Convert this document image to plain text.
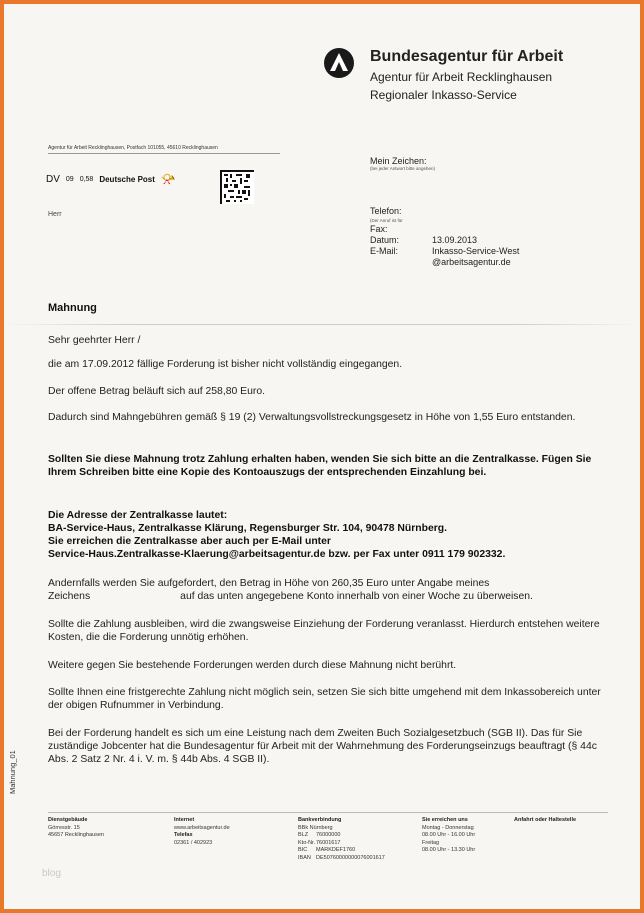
Bundesagentur für Arbeit
Agentur für Arbeit Recklinghausen
Regionaler Inkasso-Service
Agentur für Arbeit Recklinghausen, Postfach 101055, 45610 Recklinghausen
DV 09 0,58 Deutsche Post 📯
Herr
Mein Zeichen:
(bei jeder Antwort bitte angeben)
Telefon:
(Der Anruf ist für
Fax:
Datum:	13.09.2013
E-Mail:	Inkasso-Service-West
@arbeitsagentur.de
Mahnung
Sehr geehrter Herr /
die am 17.09.2012 fällige Forderung ist bisher nicht vollständig eingegangen.
Der offene Betrag beläuft sich auf 258,80 Euro.
Dadurch sind Mahngebühren gemäß § 19 (2) Verwaltungsvollstreckungsgesetz in Höhe von 1,55 Euro entstanden.
Sollten Sie diese Mahnung trotz Zahlung erhalten haben, wenden Sie sich bitte an die Zentralkasse. Fügen Sie Ihrem Schreiben bitte eine Kopie des Kontoauszugs der entsprechenden Einzahlung bei.
Die Adresse der Zentralkasse lautet:
BA-Service-Haus, Zentralkasse Klärung, Regensburger Str. 104, 90478 Nürnberg.
Sie erreichen die Zentralkasse aber auch per E-Mail unter
Service-Haus.Zentralkasse-Klaerung@arbeitsagentur.de bzw. per Fax unter 0911 179 902332.
Andernfalls werden Sie aufgefordert, den Betrag in Höhe von 260,35 Euro unter Angabe meines
Zeichens	auf das unten angegebene Konto innerhalb von einer Woche zu überweisen.
Sollte die Zahlung ausbleiben, wird die zwangsweise Einziehung der Forderung veranlasst. Hierdurch entstehen weitere Kosten, die die Forderung unnötig erhöhen.
Weitere gegen Sie bestehende Forderungen werden durch diese Mahnung nicht berührt.
Sollte Ihnen eine fristgerechte Zahlung nicht möglich sein, setzen Sie sich bitte umgehend mit dem Inkassobereich unter der obigen Rufnummer in Verbindung.
Bei der Forderung handelt es sich um eine Leistung nach dem Zweiten Buch Sozialgesetzbuch (SGB II). Das für Sie zuständige Jobcenter hat die Bundesagentur für Arbeit mit der Wahrnehmung des Forderungseinzugs beauftragt (§ 44c Abs. 2 Satz 2 Nr. 4 i. V. m. § 44b Abs. 4 SGB II).
Mahnung_01
Dienstgebäude
Görresstr. 15
45657 Recklinghausen
Internet
www.arbeitsagentur.de
Telefax
02361 / 402923
Bankverbindung
BBk Nürnberg
BLZ	76000000
Kto-Nr. 76001617
BIC	MARKDEF1760
IBAN DE50760000000076001617
Sie erreichen uns
Montag - Donnerstag
08.00 Uhr - 16.00 Uhr
Freitag
08.00 Uhr - 13.30 Uhr
Anfahrt oder Haltestelle
blog
